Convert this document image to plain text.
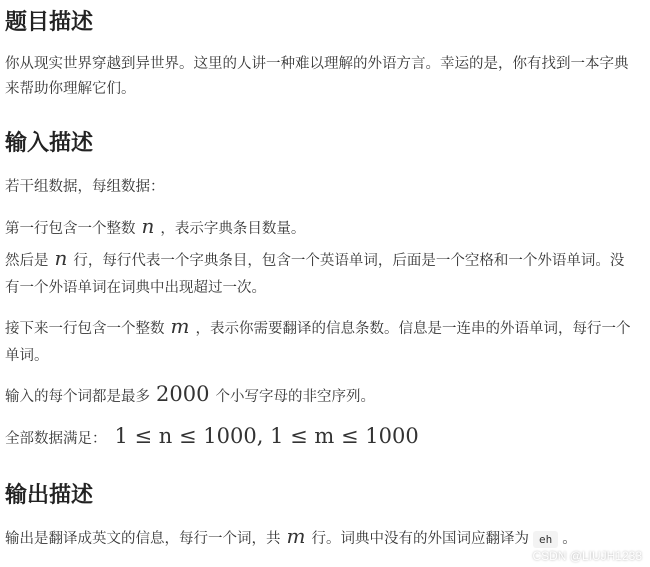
题目描述

你从现实世界穿越到异世界。这里的人讲一种难以理解的外语方言。幸运的是，你有找到一本字典来帮助你理解它们。

输入描述

若干组数据，每组数据：

第一行包含一个整数 n ，表示字典条目数量。

然后是 n 行，每行代表一个字典条目，包含一个英语单词，后面是一个空格和一个外语单词。没有一个外语单词在词典中出现超过一次。

接下来一行包含一个整数 m ，表示你需要翻译的信息条数。信息是一连串的外语单词，每行一个单词。

输入的每个词都是最多 2000 个小写字母的非空序列。

全部数据满足： 1 ≤ n ≤ 1000, 1 ≤ m ≤ 1000

输出描述

输出是翻译成英文的信息，每行一个词，共 m 行。词典中没有的外国词应翻译为 eh 。

CSDN @LIUJH1233
